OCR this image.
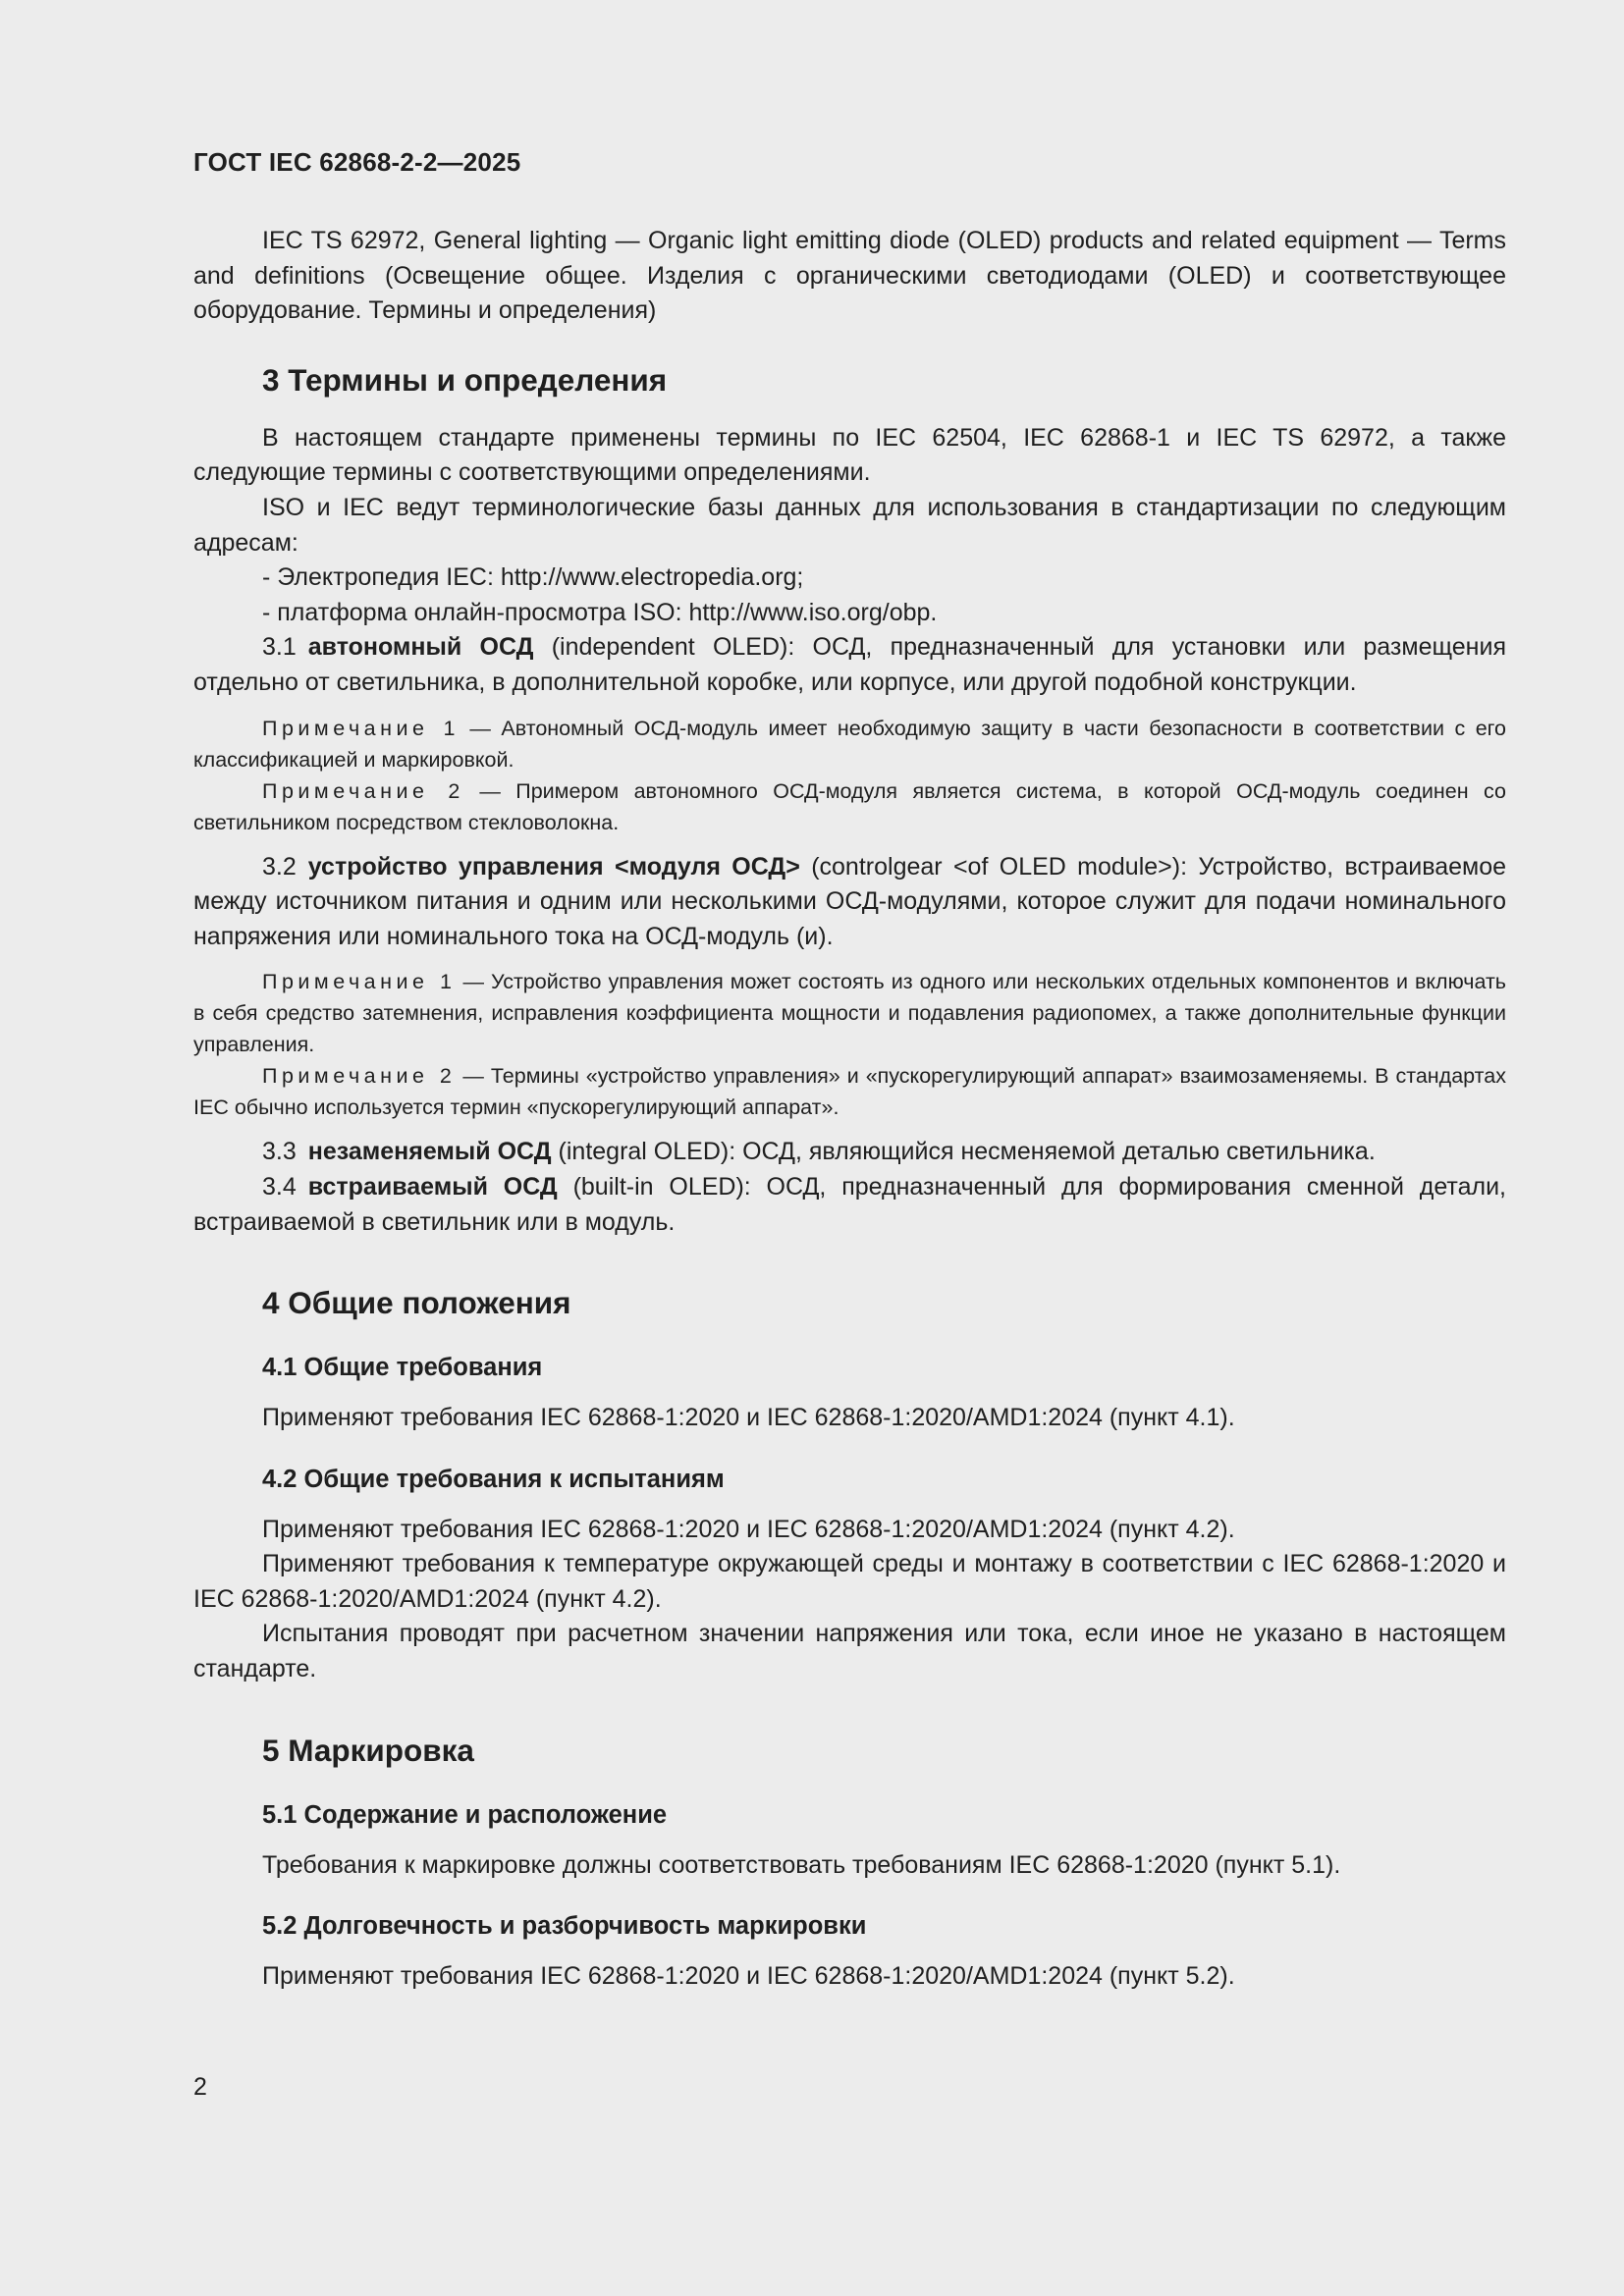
ГОСТ IEC 62868-2-2—2025

IEC TS 62972, General lighting — Organic light emitting diode (OLED) products and related equipment — Terms and definitions (Освещение общее. Изделия с органическими светодиодами (OLED) и соответствующее оборудование. Термины и определения)

3 Термины и определения

В настоящем стандарте применены термины по IEC 62504, IEC 62868-1 и IEC TS 62972, а также следующие термины с соответствующими определениями.

ISO и IEC ведут терминологические базы данных для использования в стандартизации по следующим адресам:

- Электропедия IEC: http://www.electropedia.org;

- платформа онлайн-просмотра ISO: http://www.iso.org/obp.

3.1 автономный ОСД (independent OLED): ОСД, предназначенный для установки или размещения отдельно от светильника, в дополнительной коробке, или корпусе, или другой подобной конструкции.

Примечание 1 — Автономный ОСД-модуль имеет необходимую защиту в части безопасности в соответствии с его классификацией и маркировкой.

Примечание 2 — Примером автономного ОСД-модуля является система, в которой ОСД-модуль соединен со светильником посредством стекловолокна.

3.2 устройство управления <модуля ОСД> (controlgear <of OLED module>): Устройство, встраиваемое между источником питания и одним или несколькими ОСД-модулями, которое служит для подачи номинального напряжения или номинального тока на ОСД-модуль (и).

Примечание 1 — Устройство управления может состоять из одного или нескольких отдельных компонентов и включать в себя средство затемнения, исправления коэффициента мощности и подавления радиопомех, а также дополнительные функции управления.

Примечание 2 — Термины «устройство управления» и «пускорегулирующий аппарат» взаимозаменяемы. В стандартах IEC обычно используется термин «пускорегулирующий аппарат».

3.3 незаменяемый ОСД (integral OLED): ОСД, являющийся несменяемой деталью светильника.

3.4 встраиваемый ОСД (built-in OLED): ОСД, предназначенный для формирования сменной детали, встраиваемой в светильник или в модуль.

4 Общие положения
4.1 Общие требования

Применяют требования IEC 62868-1:2020 и IEC 62868-1:2020/AMD1:2024 (пункт 4.1).

4.2 Общие требования к испытаниям

Применяют требования IEC 62868-1:2020 и IEC 62868-1:2020/AMD1:2024 (пункт 4.2).

Применяют требования к температуре окружающей среды и монтажу в соответствии с IEC 62868-1:2020 и IEC 62868-1:2020/AMD1:2024 (пункт 4.2).

Испытания проводят при расчетном значении напряжения или тока, если иное не указано в настоящем стандарте.

5 Маркировка
5.1 Содержание и расположение

Требования к маркировке должны соответствовать требованиям IEC 62868-1:2020 (пункт 5.1).

5.2 Долговечность и разборчивость маркировки

Применяют требования IEC 62868-1:2020 и IEC 62868-1:2020/AMD1:2024 (пункт 5.2).

2
